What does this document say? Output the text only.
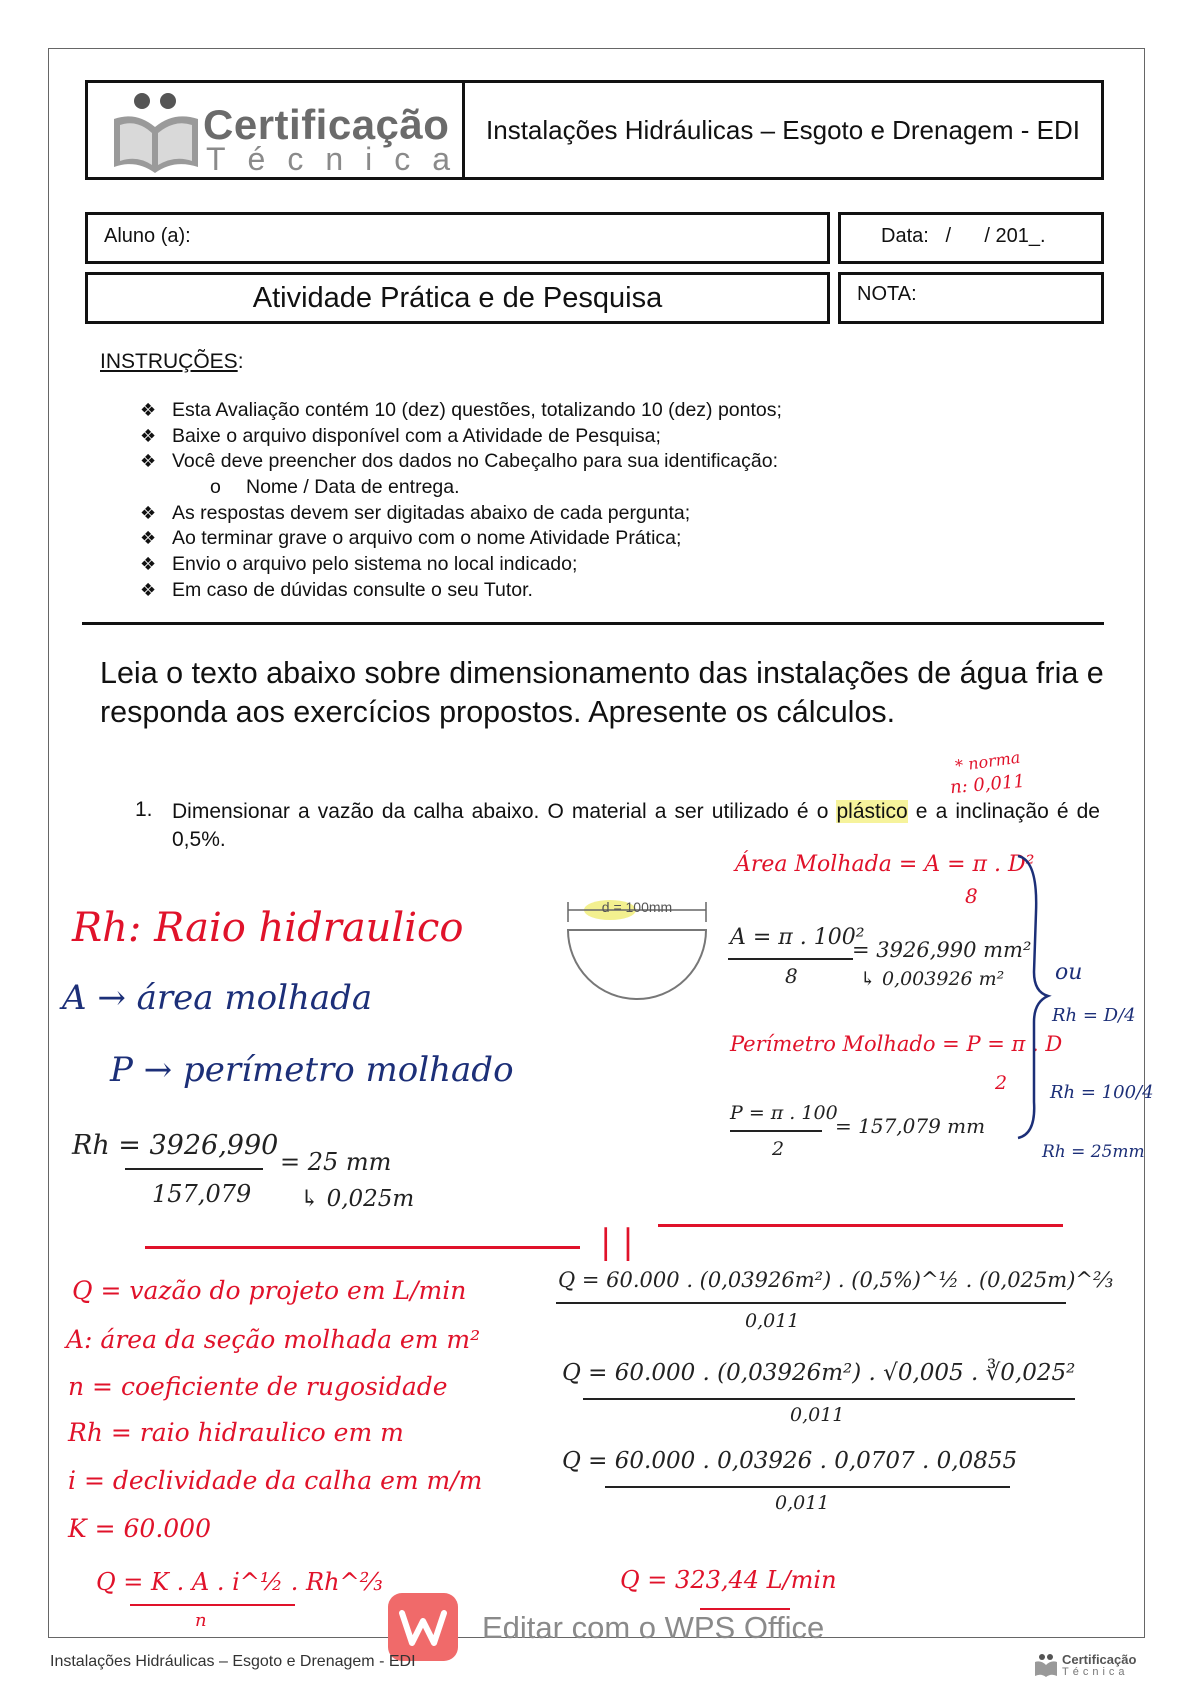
Certificação
Técnica
Instalações Hidráulicas – Esgoto e Drenagem - EDI
Aluno (a):	Data:   /      / 201_.
Atividade Prática e de Pesquisa	NOTA:
INSTRUÇÕES:
❖ Esta Avaliação contém 10 (dez) questões, totalizando 10 (dez) pontos;
❖ Baixe o arquivo disponível com a Atividade de Pesquisa;
❖ Você deve preencher dos dados no Cabeçalho para sua identificação:
o Nome / Data de entrega.
❖ As respostas devem ser digitadas abaixo de cada pergunta;
❖ Ao terminar grave o arquivo com o nome Atividade Prática;
❖ Envio o arquivo pelo sistema no local indicado;
❖ Em caso de dúvidas consulte o seu Tutor.
Leia o texto abaixo sobre dimensionamento das instalações de água fria e responda aos exercícios propostos. Apresente os cálculos.
1. Dimensionar a vazão da calha abaixo. O material a ser utilizado é o plástico e a inclinação é de 0,5%.
d = 100mm
* norma
n: 0,011
Rh: Raio hidraulico
A → área molhada
P → perímetro molhado
Rh = 3926,990
157,079
= 25 mm
↳ 0,025m
Área Molhada = A = π . D²
8
A = π . 100²
8
= 3926,990 mm²
↳ 0,003926 m²
Perímetro Molhado = P = π . D
2
P = π . 100
2
= 157,079 mm
ou
Rh = D/4
Rh = 100/4
Rh = 25mm
| |
Q = vazão do projeto em L/min
A: área da seção molhada em m²
n = coeficiente de rugosidade
Rh = raio hidraulico em m
i = declividade da calha em m/m
K = 60.000
Q = K . A . i^½ . Rh^⅔
n
Q = 60.000 . (0,03926m²) . (0,5%)^½ . (0,025m)^⅔
0,011
Q = 60.000 . (0,03926m²) . √0,005 . ∛0,025²
0,011
Q = 60.000 . 0,03926 . 0,0707 . 0,0855
0,011
Q = 323,44 L/min
Editar com o WPS Office
Instalações Hidráulicas – Esgoto e Drenagem - EDI	Certificação
Técnica
